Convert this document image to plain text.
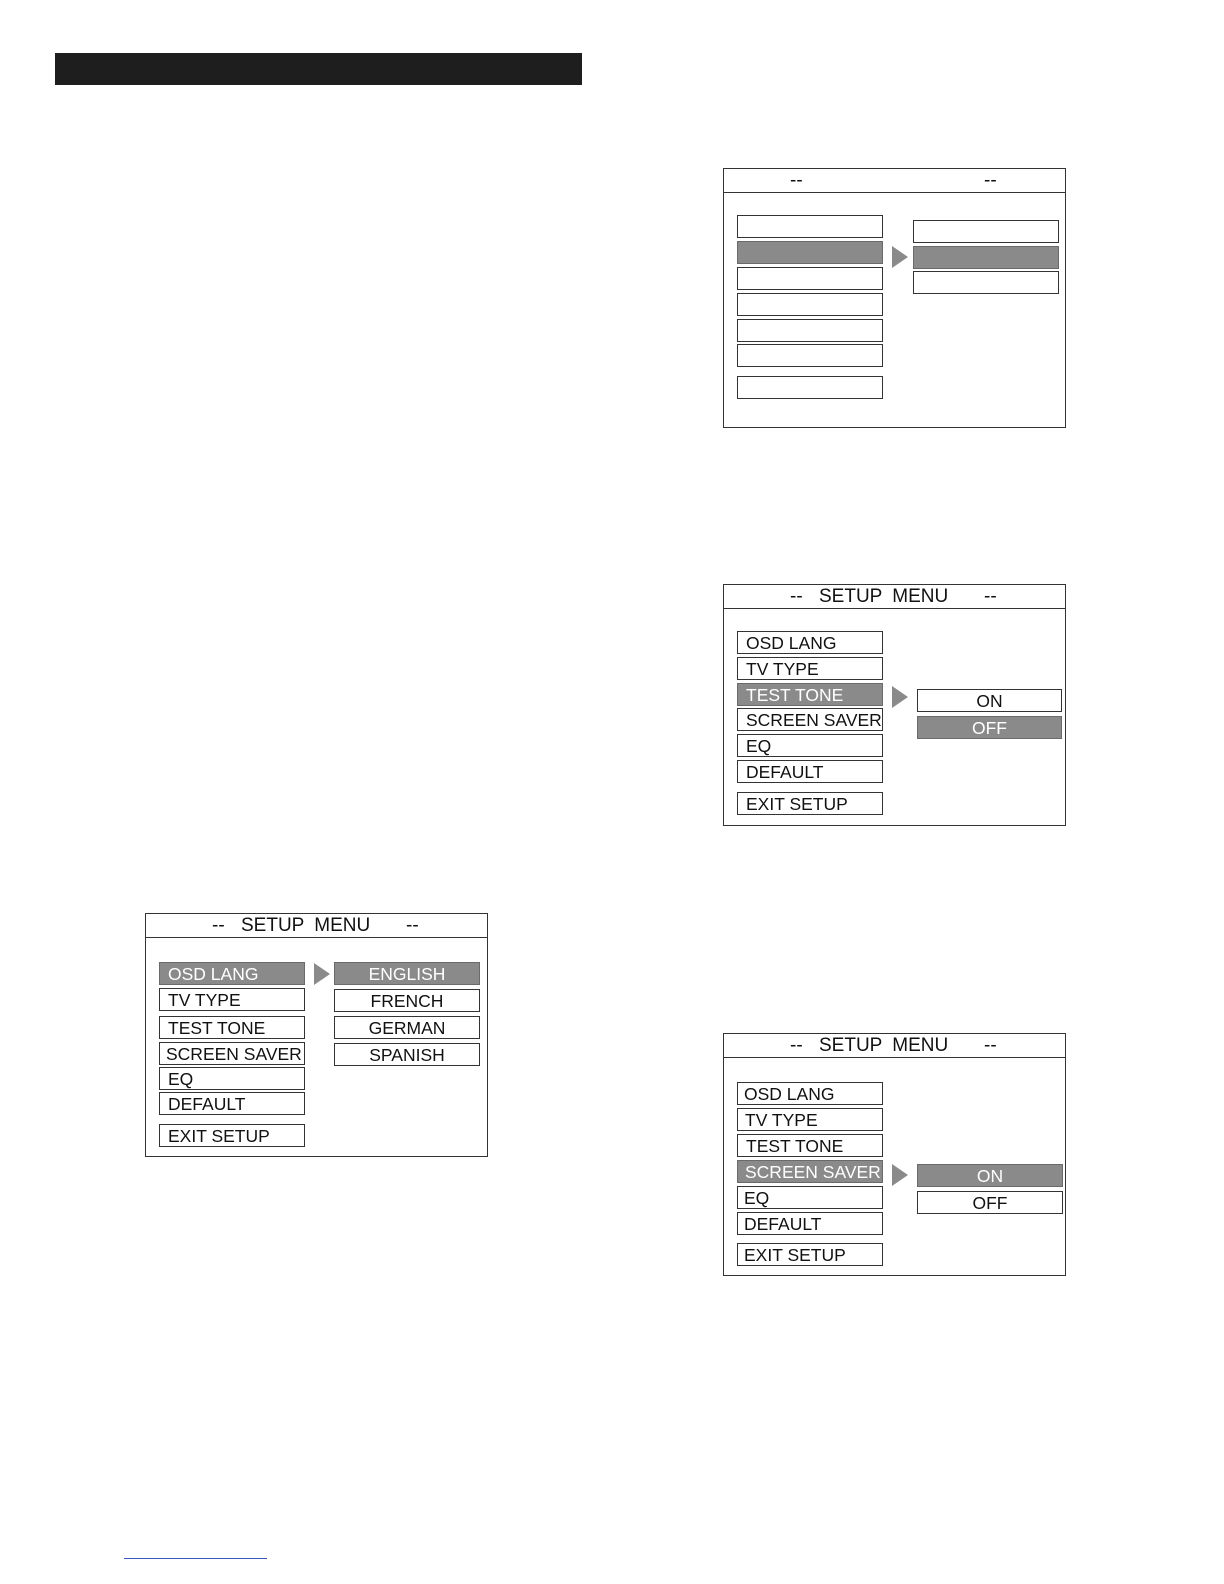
--	--
-- SETUP MENU --
OSD LANG
TV TYPE
TEST TONE
SCREEN SAVER
EQ
DEFAULT
EXIT SETUP
ON
OFF
-- SETUP MENU --
OSD LANG
TV TYPE
TEST TONE
SCREEN SAVER
EQ
DEFAULT
EXIT SETUP
ENGLISH
FRENCH
GERMAN
SPANISH	-- SETUP MENU --
OSD LANG
TV TYPE
TEST TONE
SCREEN SAVER
EQ
DEFAULT
EXIT SETUP
ON
OFF
